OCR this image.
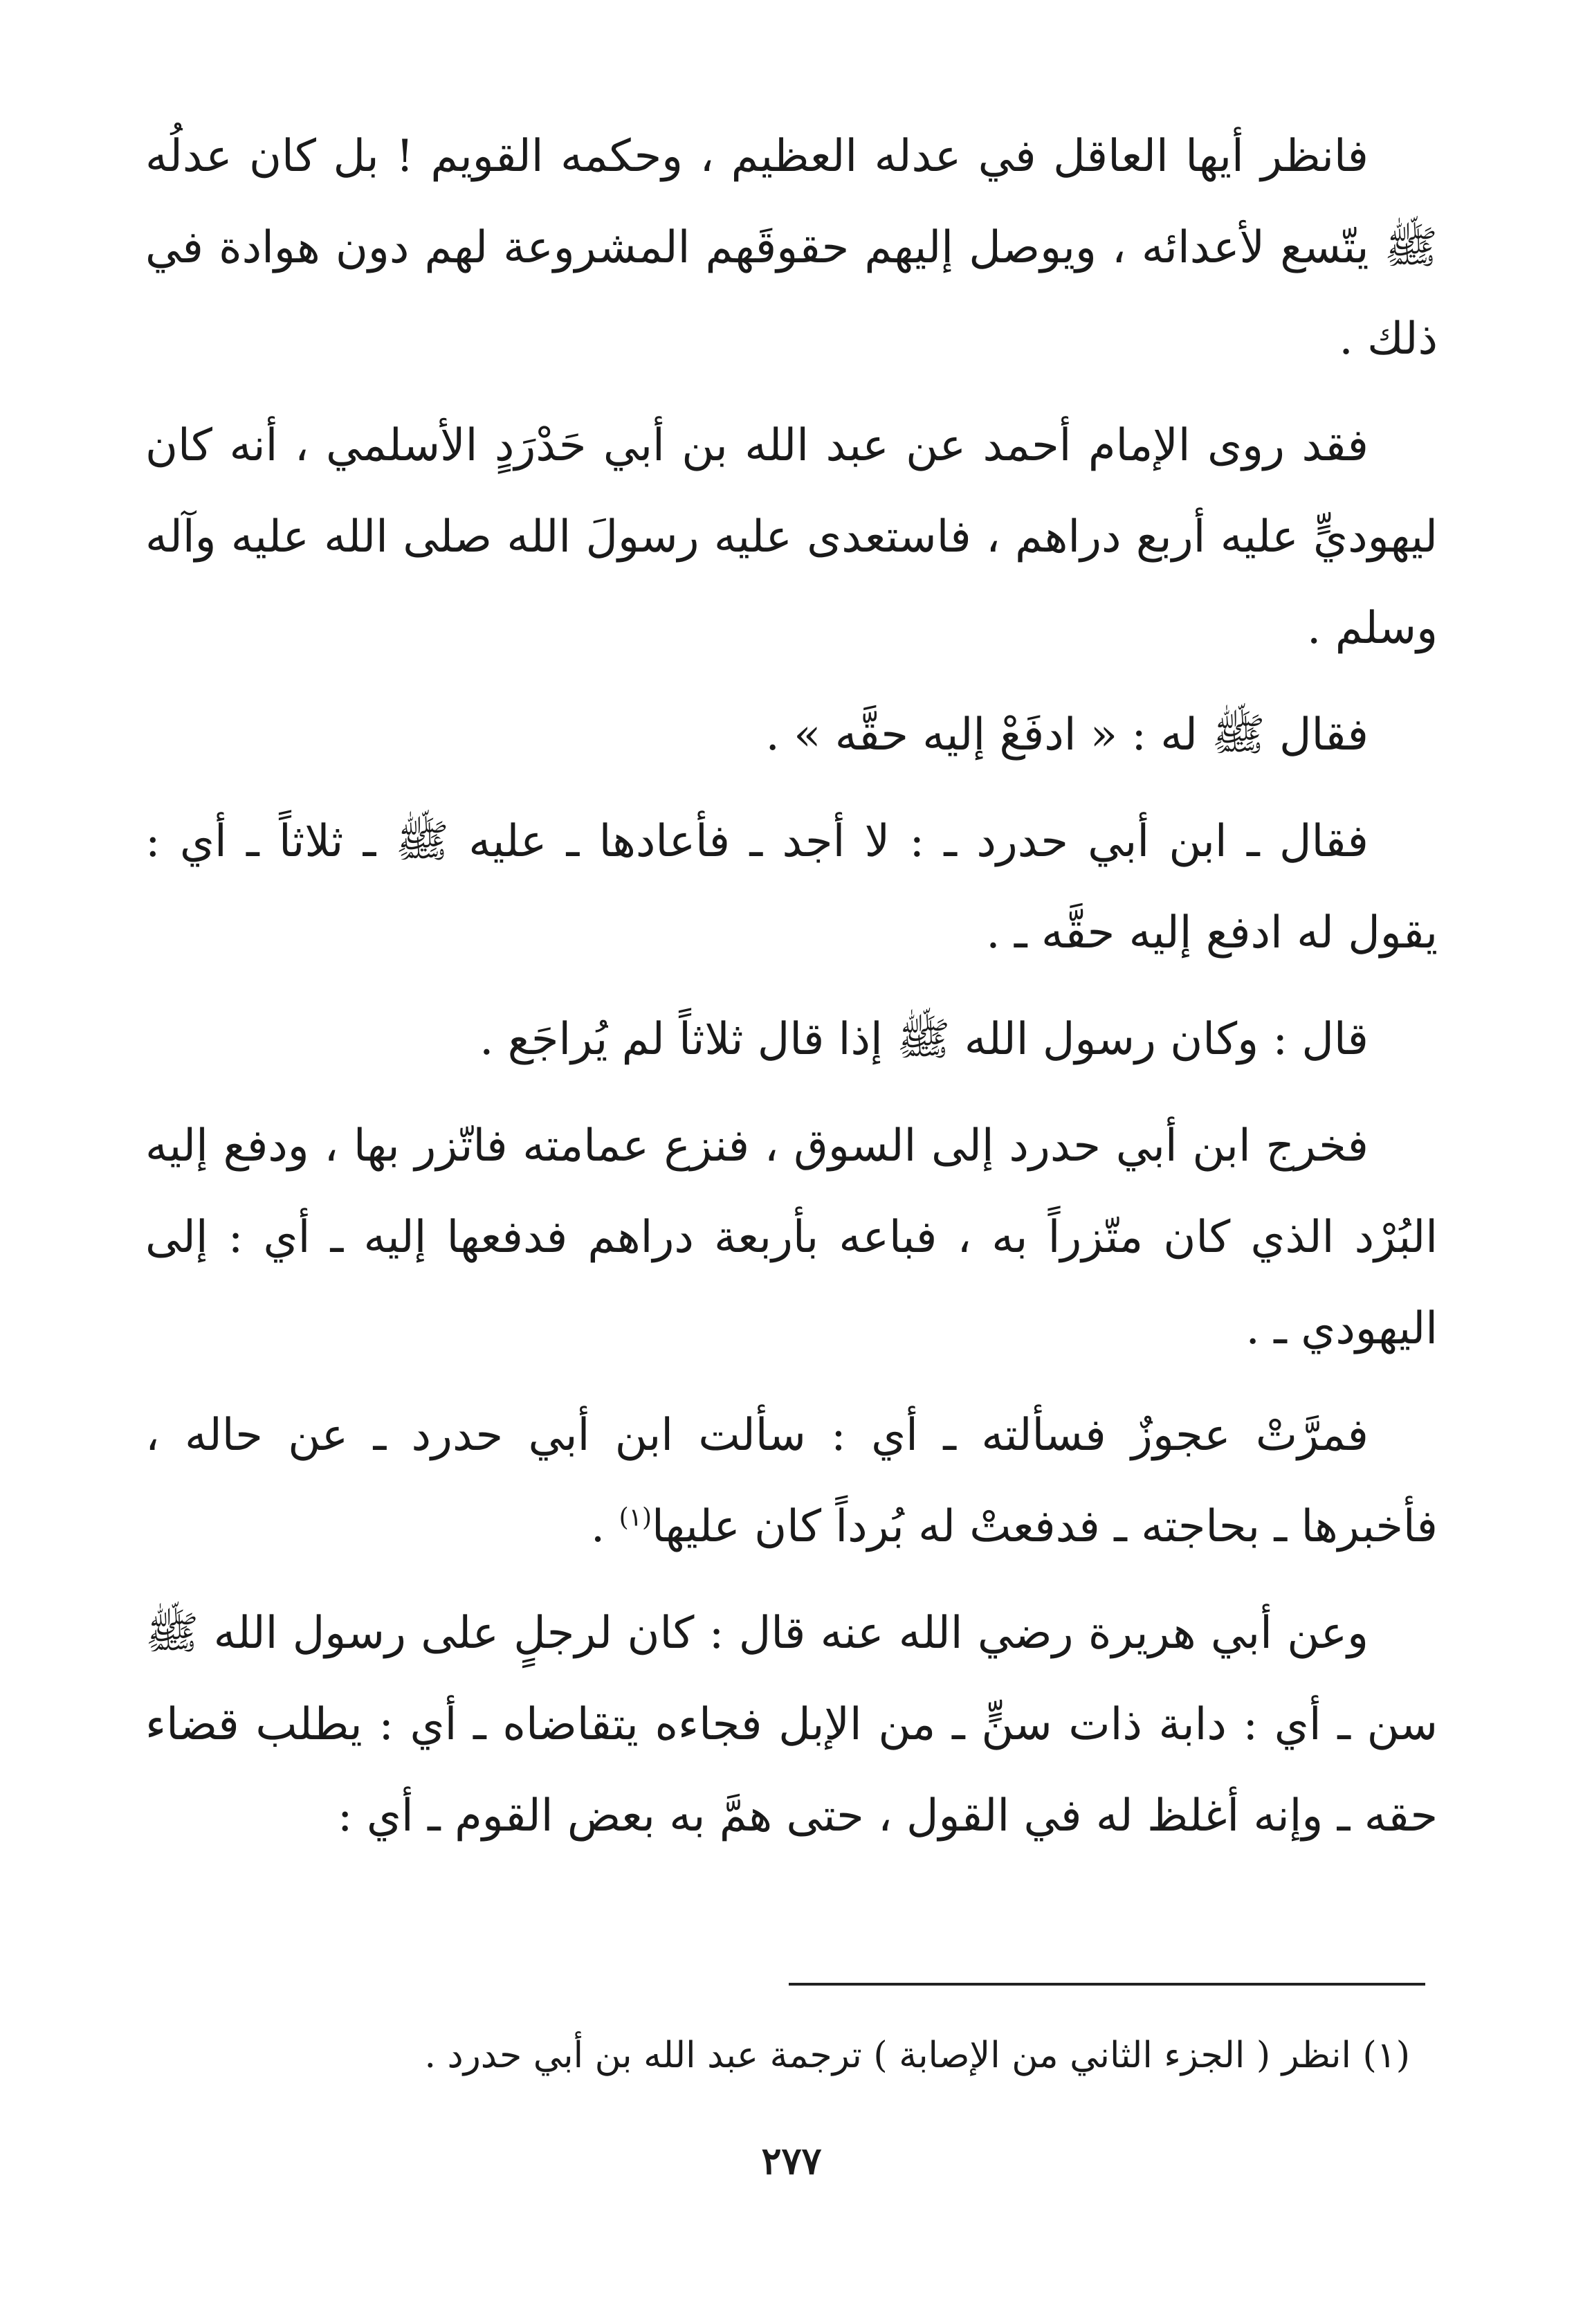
فانظر أيها العاقل في عدله العظيم ، وحكمه القويم ! بل كان عدلُه ﷺ يتّسع لأعدائه ، ويوصل إليهم حقوقَهم المشروعة لهم دون هوادة في ذلك .

فقد روى الإمام أحمد عن عبد الله بن أبي حَدْرَدٍ الأسلمي ، أنه كان ليهوديٍّ عليه أربع دراهم ، فاستعدى عليه رسولَ الله صلى الله عليه وآله وسلم .

فقال ﷺ له : « ادفَعْ إليه حقَّه » .

فقال ـ ابن أبي حدرد ـ : لا أجد ـ فأعادها ـ عليه ﷺ ـ ثلاثاً ـ أي : يقول له ادفع إليه حقَّه ـ .

قال : وكان رسول الله ﷺ إذا قال ثلاثاً لم يُراجَع .

فخرج ابن أبي حدرد إلى السوق ، فنزع عمامته فاتّزر بها ، ودفع إليه البُرْد الذي كان متّزراً به ، فباعه بأربعة دراهم فدفعها إليه ـ أي : إلى اليهودي ـ .

فمرَّتْ عجوزٌ فسألته ـ أي : سألت ابن أبي حدرد ـ عن حاله ، فأخبرها ـ بحاجته ـ فدفعتْ له بُرداً كان عليها$^{(١)}$ .

وعن أبي هريرة رضي الله عنه قال : كان لرجلٍ على رسول الله ﷺ سن ـ أي : دابة ذات سنٍّ ـ من الإبل فجاءه يتقاضاه ـ أي : يطلب قضاء حقه ـ وإنه أغلظ له في القول ، حتى همَّ به بعض القوم ـ أي :

(١) انظر ( الجزء الثاني من الإصابة ) ترجمة عبد الله بن أبي حدرد .
٢٧٧
